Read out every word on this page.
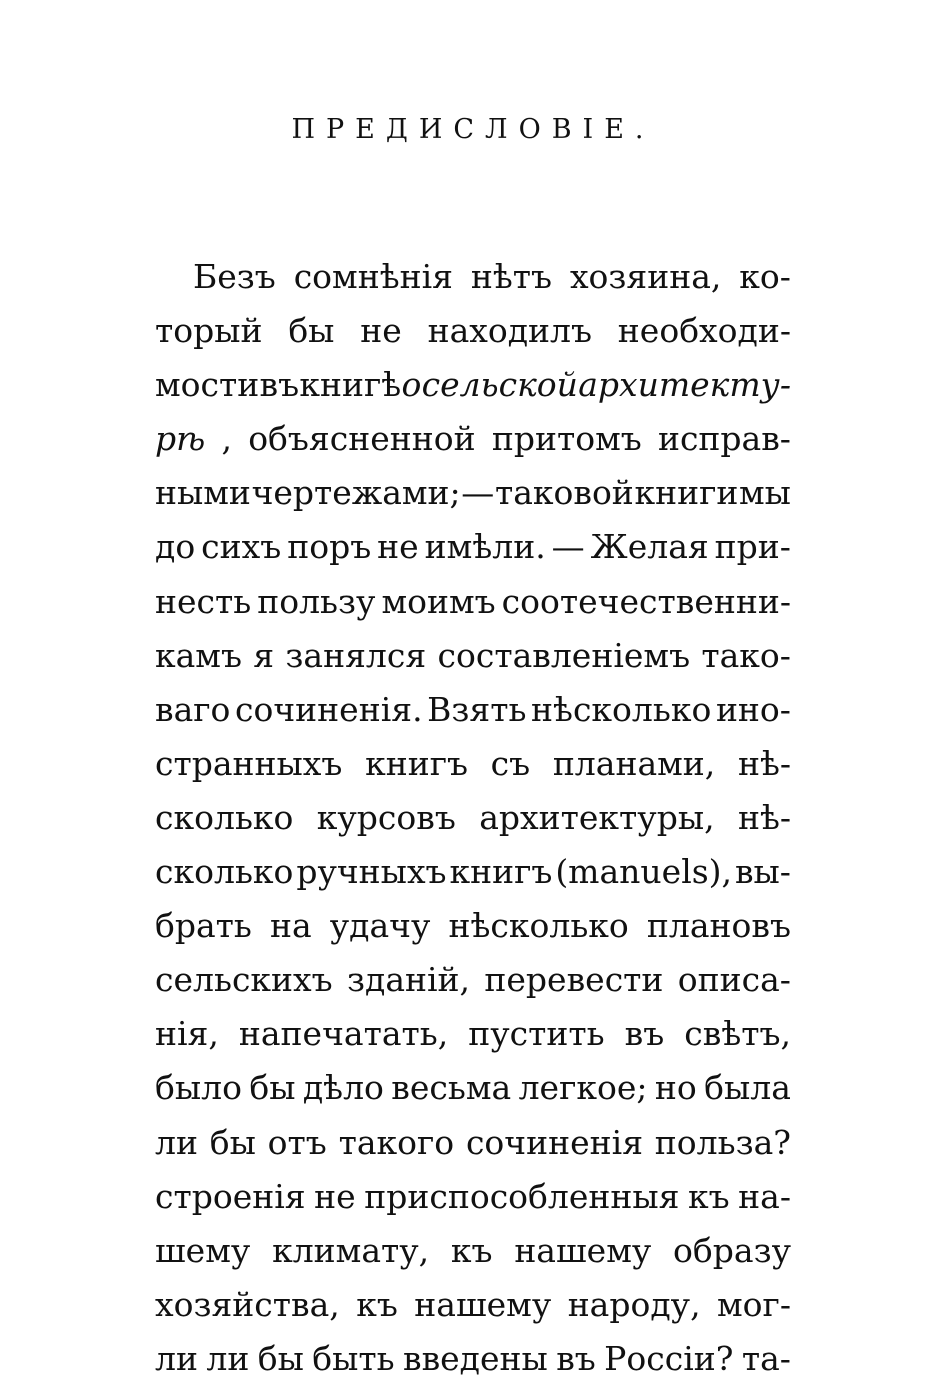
ПРЕДИСЛОВІЕ.
Безъ сомнѣнія нѣтъ хозяина, ко-
торый бы не находилъ необходи-
мости въ книгѣ о сельской архитекту-
рѣ , объясненной притомъ исправ-
ными чертежами; — таковой книги мы
до сихъ поръ не имѣли. — Желая при-
несть пользу моимъ соотечественни-
камъ я занялся составленіемъ тако-
ваго сочиненія. Взять нѣсколько ино-
странныхъ книгъ съ планами, нѣ-
сколько курсовъ архитектуры, нѣ-
сколько ручныхъ книгъ (manuels), вы-
брать на удачу нѣсколько плановъ
сельскихъ зданій, перевести описа-
нія, напечатать, пустить въ свѣтъ,
было бы дѣло весьма легкое; но была
ли бы отъ такого сочиненія польза?
строенія не приспособленныя къ на-
шему климату, къ нашему образу
хозяйства, къ нашему народу, мог-
ли ли бы быть введены въ Россіи? та-
